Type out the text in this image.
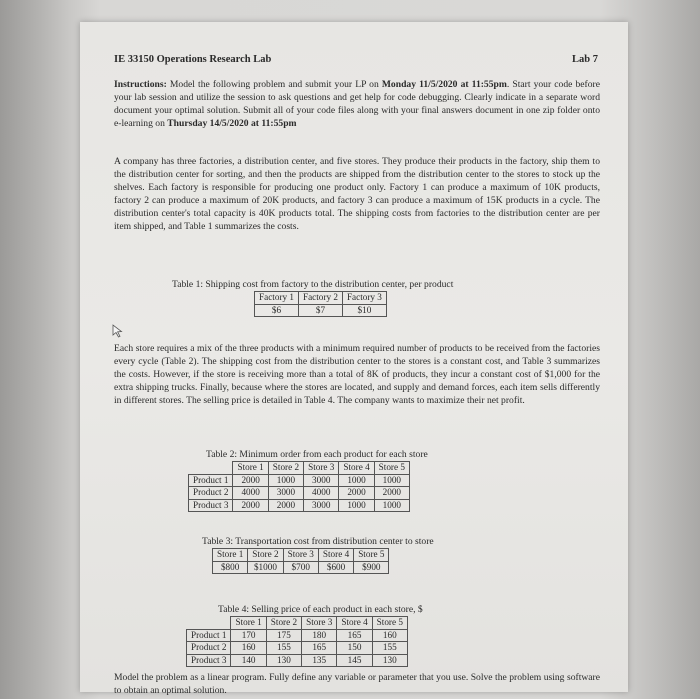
IE 33150 Operations Research Lab	Lab 7
Instructions: Model the following problem and submit your LP on Monday 11/5/2020 at 11:55pm. Start your code before your lab session and utilize the session to ask questions and get help for code debugging. Clearly indicate in a separate word document your optimal solution. Submit all of your code files along with your final answers document in one zip folder onto e-learning on Thursday 14/5/2020 at 11:55pm
A company has three factories, a distribution center, and five stores. They produce their products in the factory, ship them to the distribution center for sorting, and then the products are shipped from the distribution center to the stores to stock up the shelves. Each factory is responsible for producing one product only. Factory 1 can produce a maximum of 10K products, factory 2 can produce a maximum of 20K products, and factory 3 can produce a maximum of 15K products in a cycle. The distribution center's total capacity is 40K products total. The shipping costs from factories to the distribution center are per item shipped, and Table 1 summarizes the costs.
Table 1: Shipping cost from factory to the distribution center, per product
Factory 1	Factory 2	Factory 3
$6	$7	$10
Each store requires a mix of the three products with a minimum required number of products to be received from the factories every cycle (Table 2). The shipping cost from the distribution center to the stores is a constant cost, and Table 3 summarizes the costs. However, if the store is receiving more than a total of 8K of products, they incur a constant cost of $1,000 for the extra shipping trucks. Finally, because where the stores are located, and supply and demand forces, each item sells differently in different stores. The selling price is detailed in Table 4. The company wants to maximize their net profit.
Table 2: Minimum order from each product for each store
	Store 1	Store 2	Store 3	Store 4	Store 5
Product 1	2000	1000	3000	1000	1000
Product 2	4000	3000	4000	2000	2000
Product 3	2000	2000	3000	1000	1000
Table 3: Transportation cost from distribution center to store
Store 1	Store 2	Store 3	Store 4	Store 5
$800	$1000	$700	$600	$900
Table 4: Selling price of each product in each store, $
	Store 1	Store 2	Store 3	Store 4	Store 5
Product 1	170	175	180	165	160
Product 2	160	155	165	150	155
Product 3	140	130	135	145	130
Model the problem as a linear program. Fully define any variable or parameter that you use. Solve the problem using software to obtain an optimal solution.
